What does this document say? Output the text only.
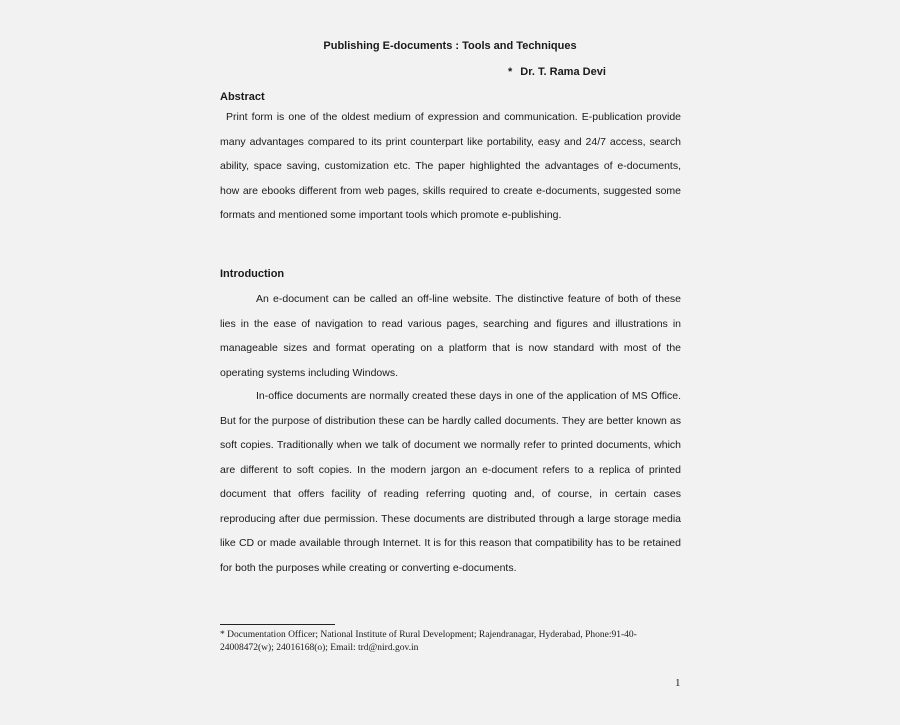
Publishing E-documents : Tools and Techniques
* Dr. T. Rama Devi
Abstract

Print form is one of the oldest medium of expression and communication. E-publication provide many advantages compared to its print counterpart like portability, easy and 24/7 access, search ability, space saving, customization etc. The paper highlighted the advantages of e-documents, how are ebooks different from web pages, skills required to create e-documents, suggested some formats and mentioned some important tools which promote e-publishing.

Introduction

An e-document can be called an off-line website. The distinctive feature of both of these lies in the ease of navigation to read various pages, searching and figures and illustrations in manageable sizes and format operating on a platform that is now standard with most of the operating systems including Windows.

In-office documents are normally created these days in one of the application of MS Office. But for the purpose of distribution these can be hardly called documents. They are better known as soft copies. Traditionally when we talk of document we normally refer to printed documents, which are different to soft copies. In the modern jargon an e-document refers to a replica of printed document that offers facility of reading referring quoting and, of course, in certain cases reproducing after due permission. These documents are distributed through a large storage media like CD or made available through Internet. It is for this reason that compatibility has to be retained for both the purposes while creating or converting e-documents.

* Documentation Officer; National Institute of Rural Development; Rajendranagar, Hyderabad, Phone:91-40-24008472(w); 24016168(o); Email: trd@nird.gov.in
1
